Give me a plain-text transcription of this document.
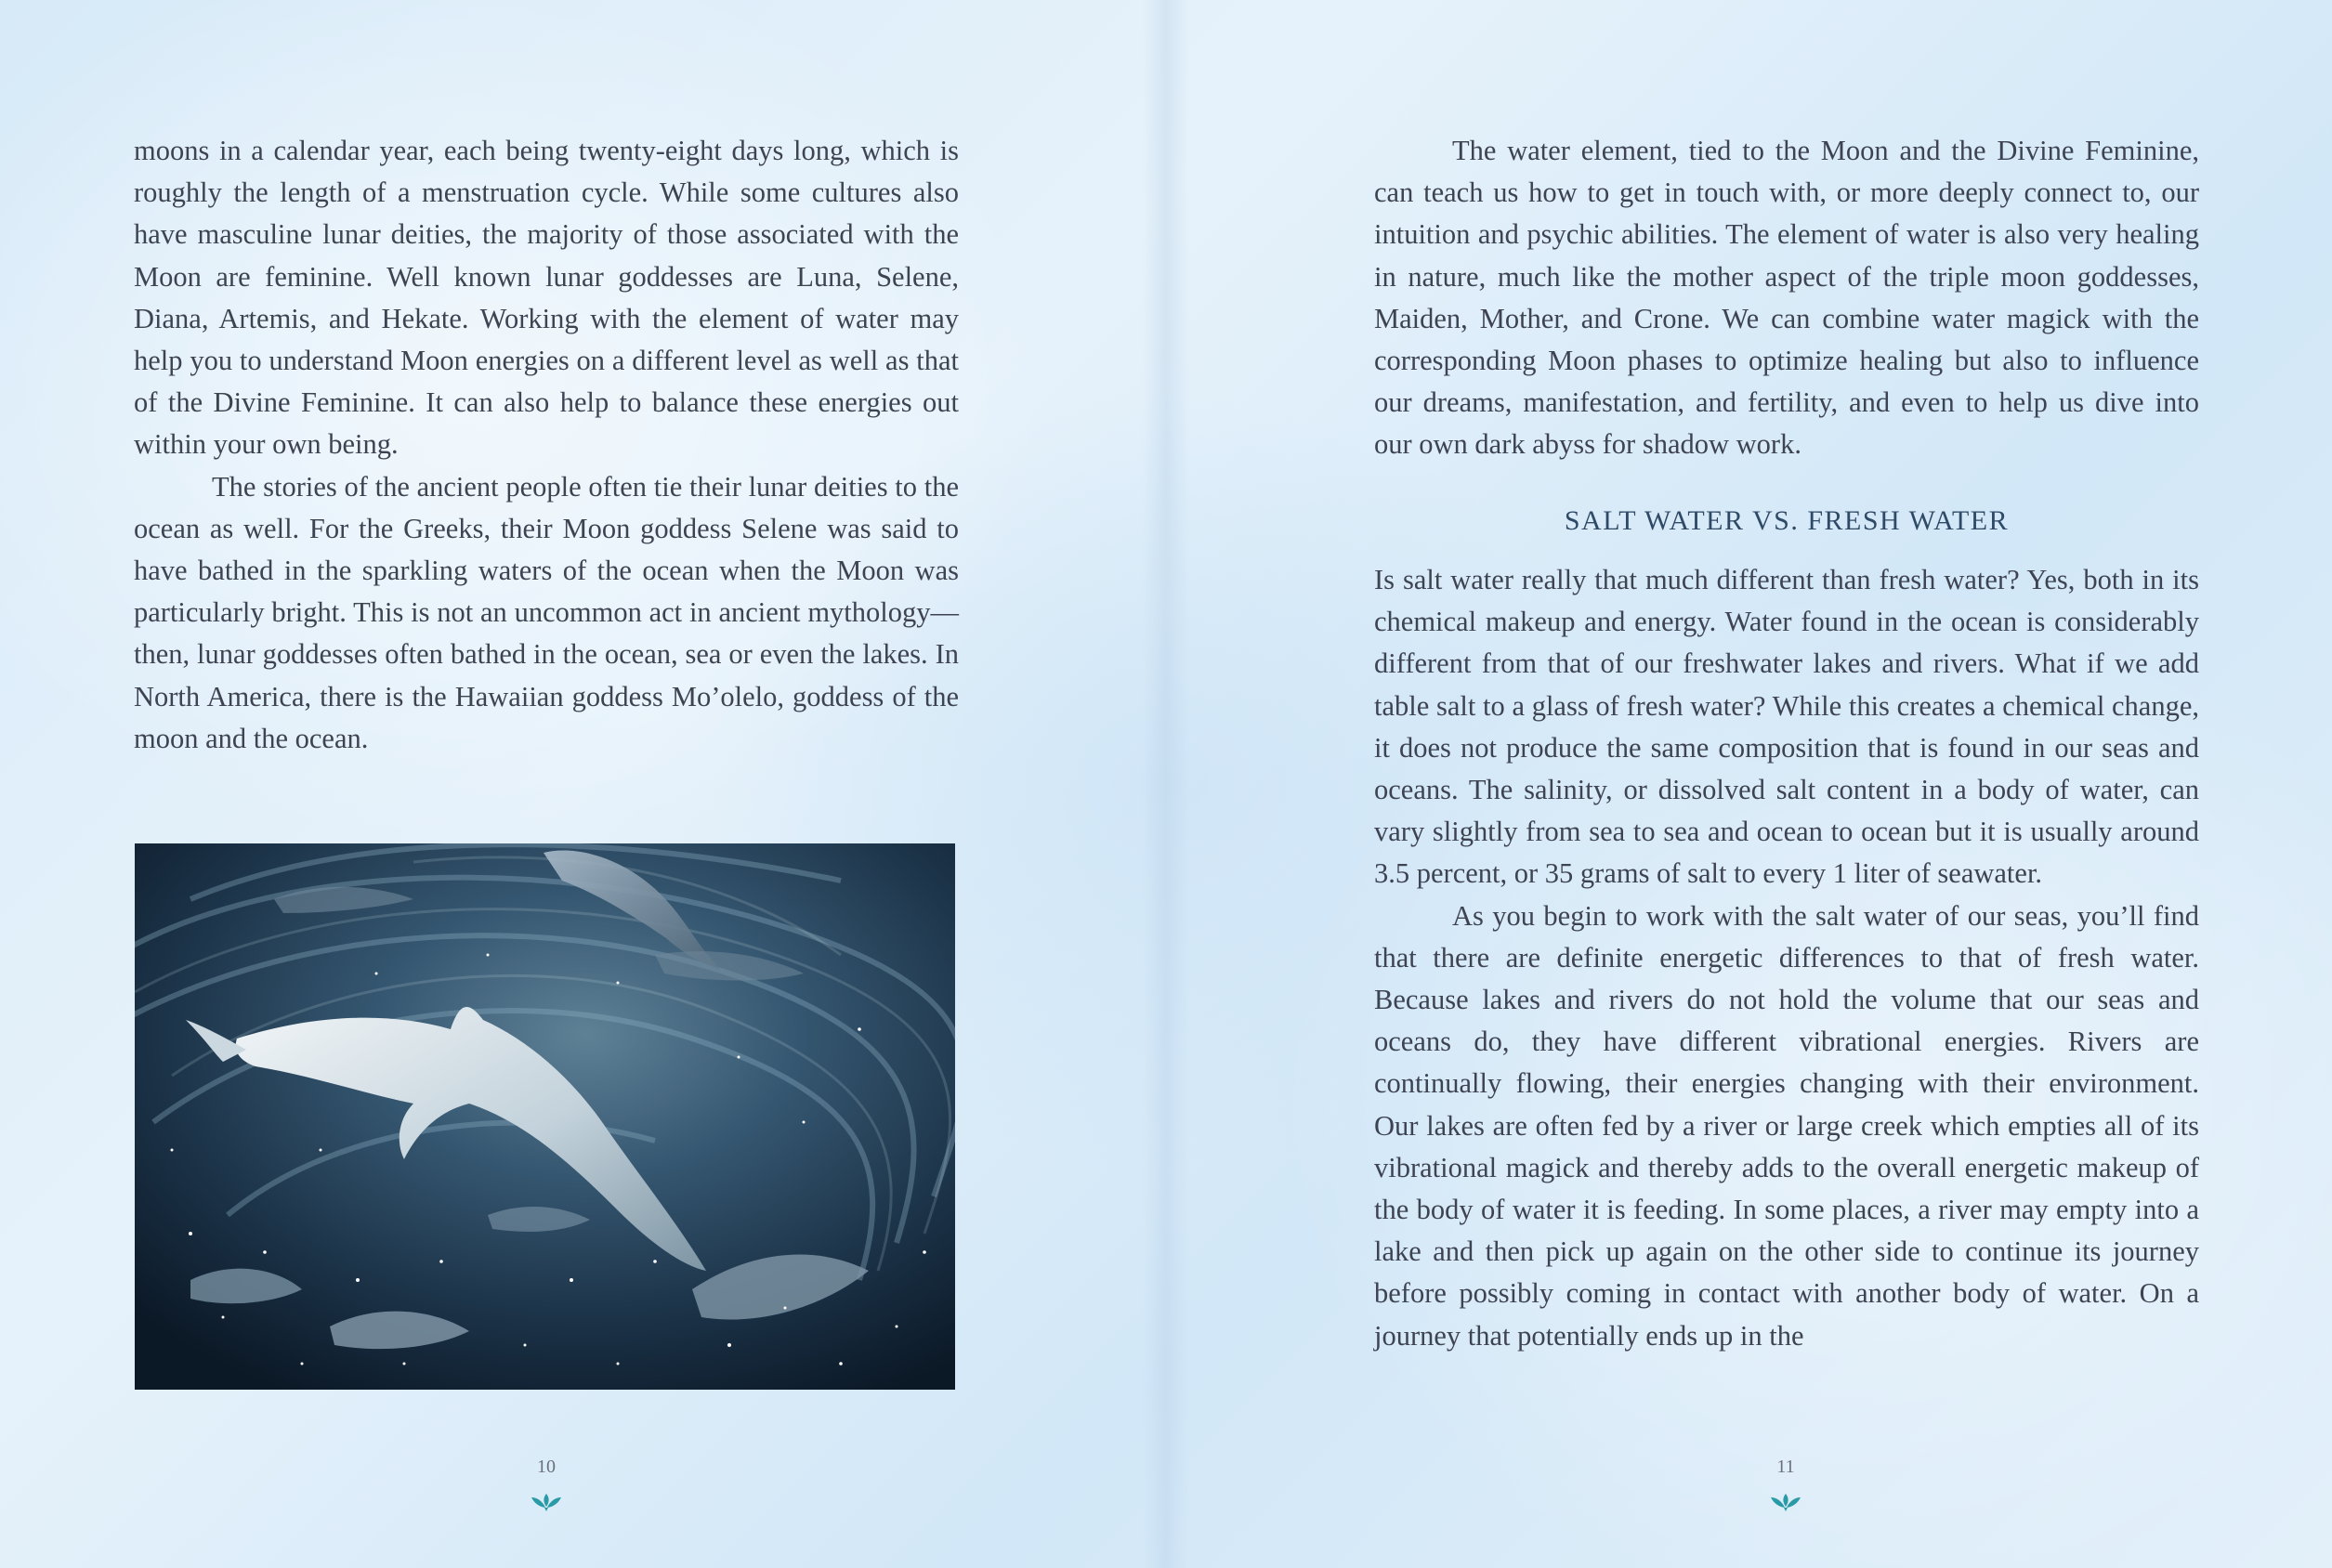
moons in a calendar year, each being twenty-eight days long, which is roughly the length of a menstruation cycle. While some cultures also have masculine lunar deities, the majority of those associated with the Moon are feminine. Well known lunar goddesses are Luna, Selene, Diana, Artemis, and Hekate. Working with the element of water may help you to understand Moon energies on a different level as well as that of the Divine Feminine. It can also help to balance these energies out within your own being.

The stories of the ancient people often tie their lunar deities to the ocean as well. For the Greeks, their Moon goddess Selene was said to have bathed in the sparkling waters of the ocean when the Moon was particularly bright. This is not an uncommon act in ancient mythology—then, lunar goddesses often bathed in the ocean, sea or even the lakes. In North America, there is the Hawaiian goddess Mo’olelo, goddess of the moon and the ocean.

10

The water element, tied to the Moon and the Divine Feminine, can teach us how to get in touch with, or more deeply connect to, our intuition and psychic abilities. The element of water is also very healing in nature, much like the mother aspect of the triple moon goddesses, Maiden, Mother, and Crone. We can combine water magick with the corresponding Moon phases to optimize healing but also to influence our dreams, manifestation, and fertility, and even to help us dive into our own dark abyss for shadow work.

SALT WATER VS. FRESH WATER

Is salt water really that much different than fresh water? Yes, both in its chemical makeup and energy. Water found in the ocean is considerably different from that of our freshwater lakes and rivers. What if we add table salt to a glass of fresh water? While this creates a chemical change, it does not produce the same composition that is found in our seas and oceans. The salinity, or dissolved salt content in a body of water, can vary slightly from sea to sea and ocean to ocean but it is usually around 3.5 percent, or 35 grams of salt to every 1 liter of seawater.

As you begin to work with the salt water of our seas, you’ll find that there are definite energetic differences to that of fresh water. Because lakes and rivers do not hold the volume that our seas and oceans do, they have different vibrational energies. Rivers are continually flowing, their energies changing with their environment. Our lakes are often fed by a river or large creek which empties all of its vibrational magick and thereby adds to the overall energetic makeup of the body of water it is feeding. In some places, a river may empty into a lake and then pick up again on the other side to continue its journey before possibly coming in contact with another body of water. On a journey that potentially ends up in the

11
